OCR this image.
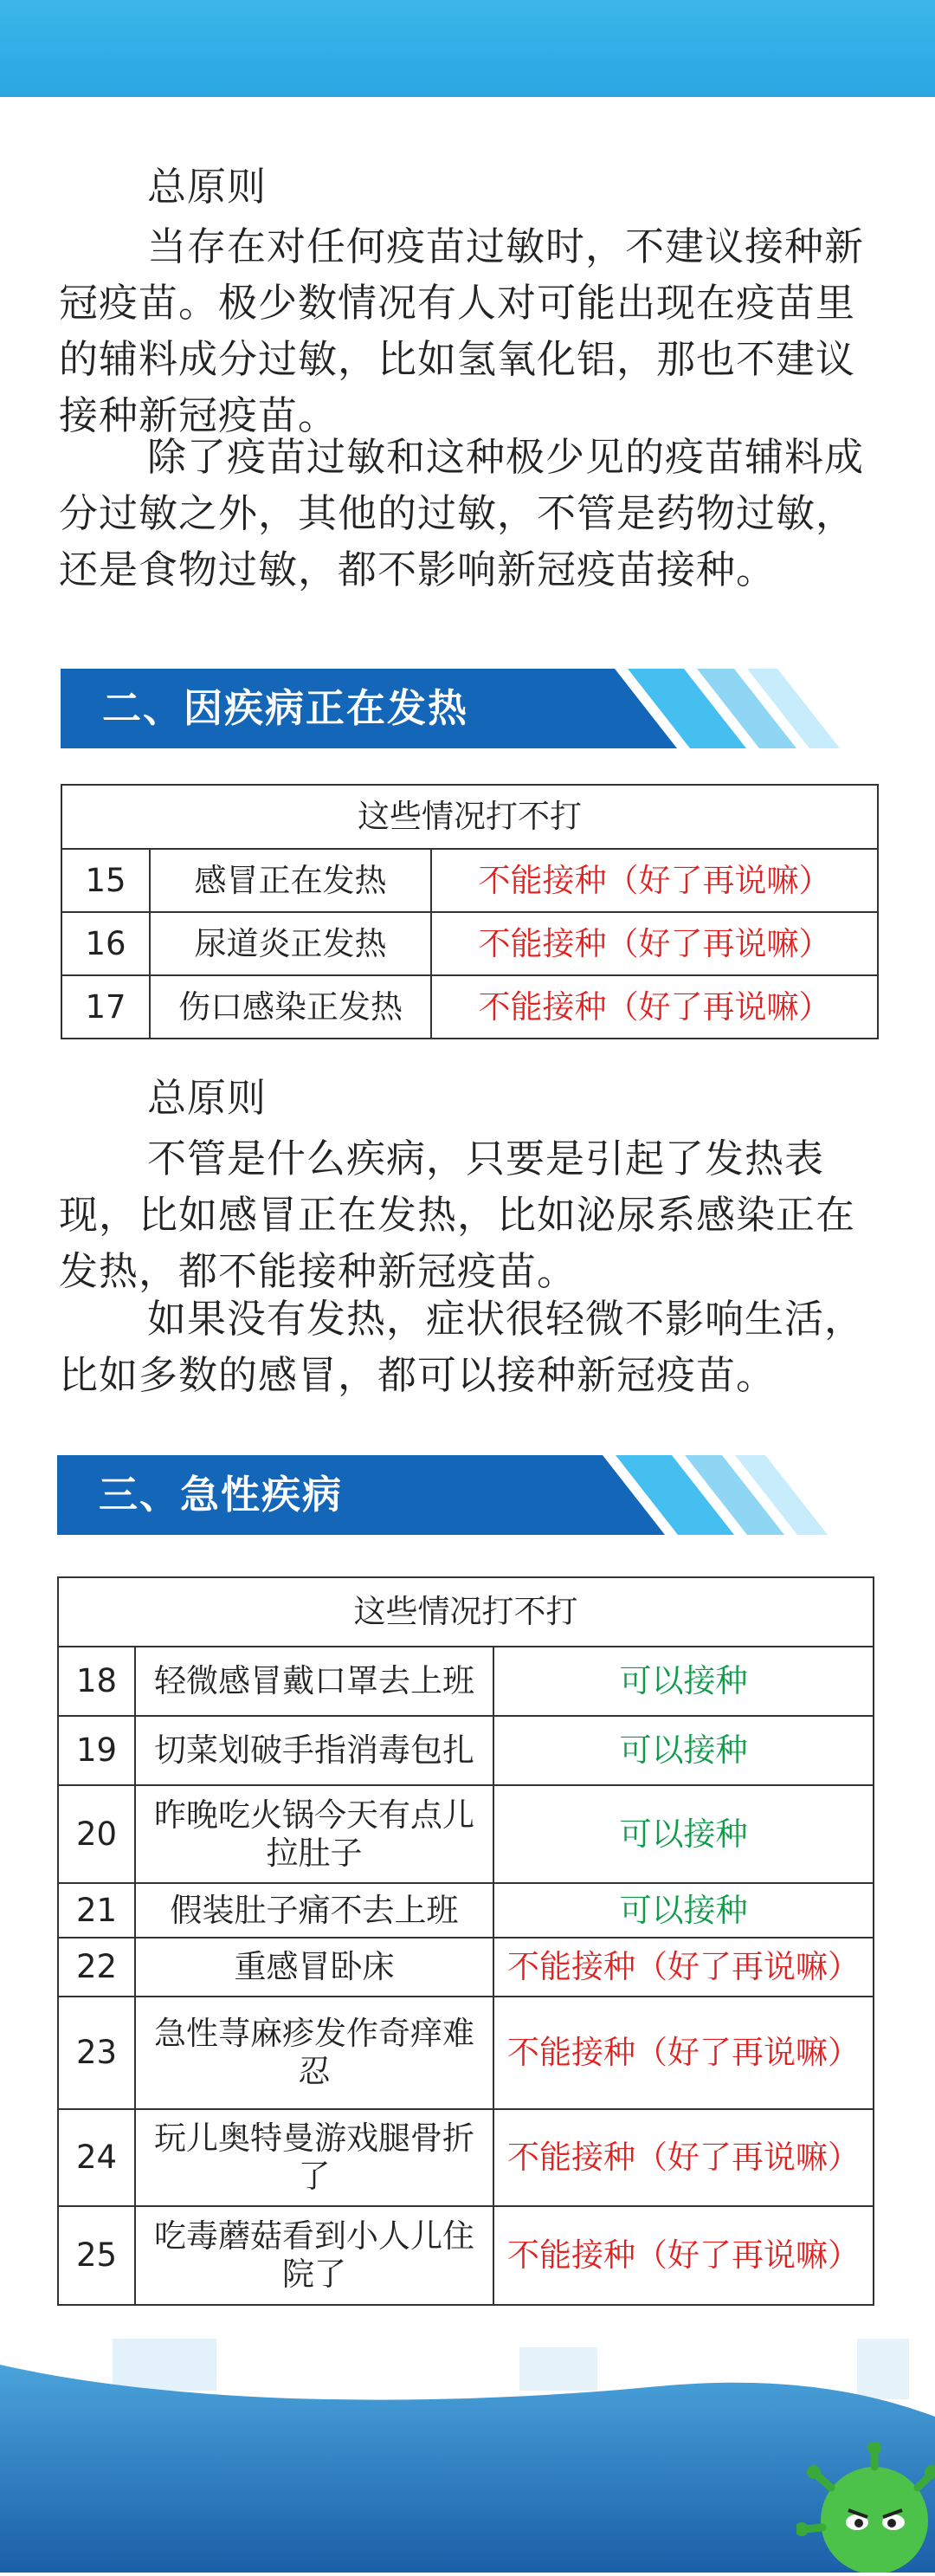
总原则

当存在对任何疫苗过敏时，不建议接种新冠疫苗。极少数情况有人对可能出现在疫苗里的辅料成分过敏，比如氢氧化铝，那也不建议接种新冠疫苗。

除了疫苗过敏和这种极少见的疫苗辅料成分过敏之外，其他的过敏，不管是药物过敏，还是食物过敏，都不影响新冠疫苗接种。

二、因疾病正在发热
这些情况打不打		
15	感冒正在发热	不能接种（好了再说嘛）
16	尿道炎正发热	不能接种（好了再说嘛）
17	伤口感染正发热	不能接种（好了再说嘛）

总原则

不管是什么疾病，只要是引起了发热表现，比如感冒正在发热，比如泌尿系感染正在发热，都不能接种新冠疫苗。

如果没有发热，症状很轻微不影响生活，比如多数的感冒，都可以接种新冠疫苗。

三、急性疾病
这些情况打不打		
18	轻微感冒戴口罩去上班	可以接种
19	切菜划破手指消毒包扎	可以接种
20	昨晚吃火锅今天有点儿拉肚子	可以接种
21	假装肚子痛不去上班	可以接种
22	重感冒卧床	不能接种（好了再说嘛）
23	急性荨麻疹发作奇痒难忍	不能接种（好了再说嘛）
24	玩儿奥特曼游戏腿骨折了	不能接种（好了再说嘛）
25	吃毒蘑菇看到小人儿住院了	不能接种（好了再说嘛）
